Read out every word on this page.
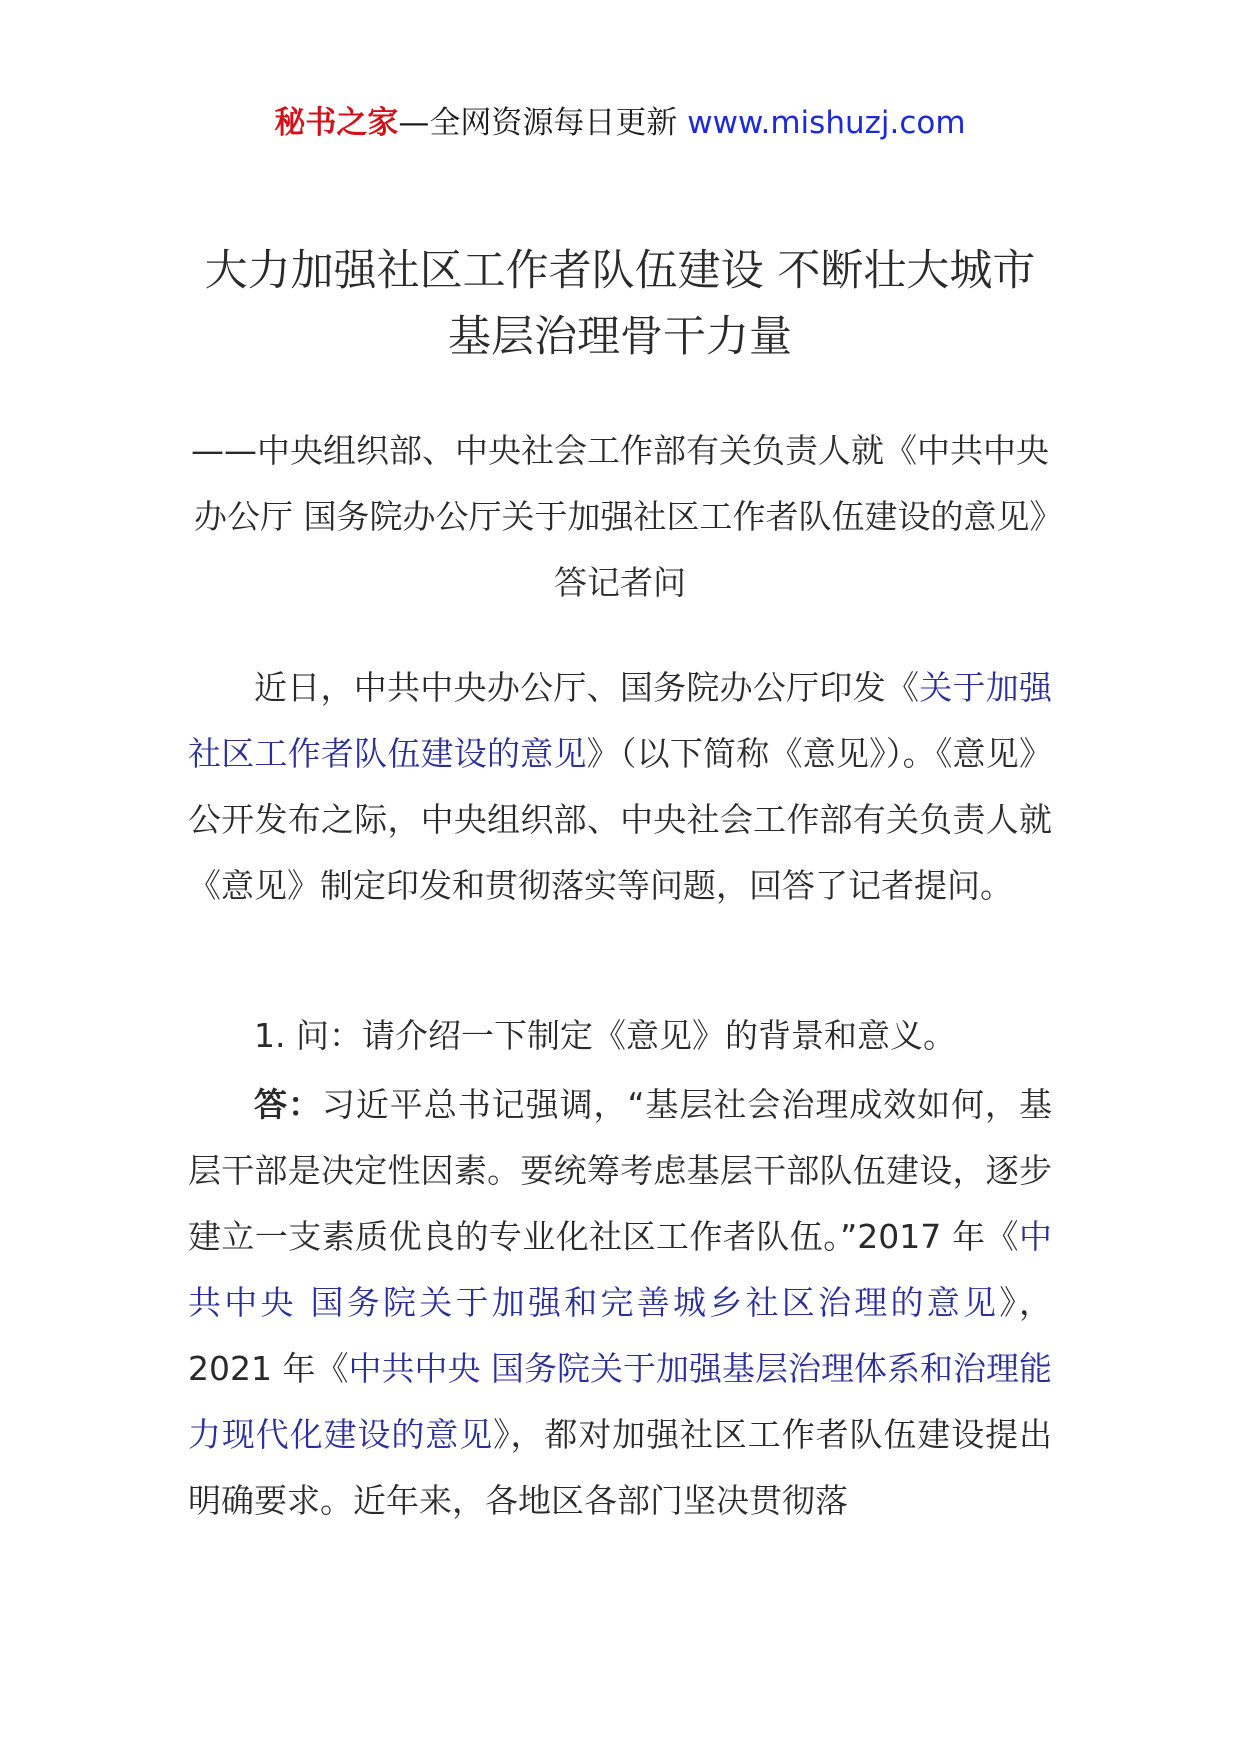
秘书之家—全网资源每日更新 www.mishuzj.com
大力加强社区工作者队伍建设 不断壮大城市基层治理骨干力量
——中央组织部、中央社会工作部有关负责人就《中共中央办公厅 国务院办公厅关于加强社区工作者队伍建设的意见》答记者问

近日，中共中央办公厅、国务院办公厅印发《关于加强社区工作者队伍建设的意见》（以下简称《意见》）。《意见》公开发布之际，中央组织部、中央社会工作部有关负责人就《意见》制定印发和贯彻落实等问题，回答了记者提问。

1. 问：请介绍一下制定《意见》的背景和意义。

答：习近平总书记强调，“基层社会治理成效如何，基层干部是决定性因素。要统筹考虑基层干部队伍建设，逐步建立一支素质优良的专业化社区工作者队伍。”2017 年《中共中央 国务院关于加强和完善城乡社区治理的意见》，2021 年《中共中央 国务院关于加强基层治理体系和治理能力现代化建设的意见》，都对加强社区工作者队伍建设提出明确要求。近年来，各地区各部门坚决贯彻落
